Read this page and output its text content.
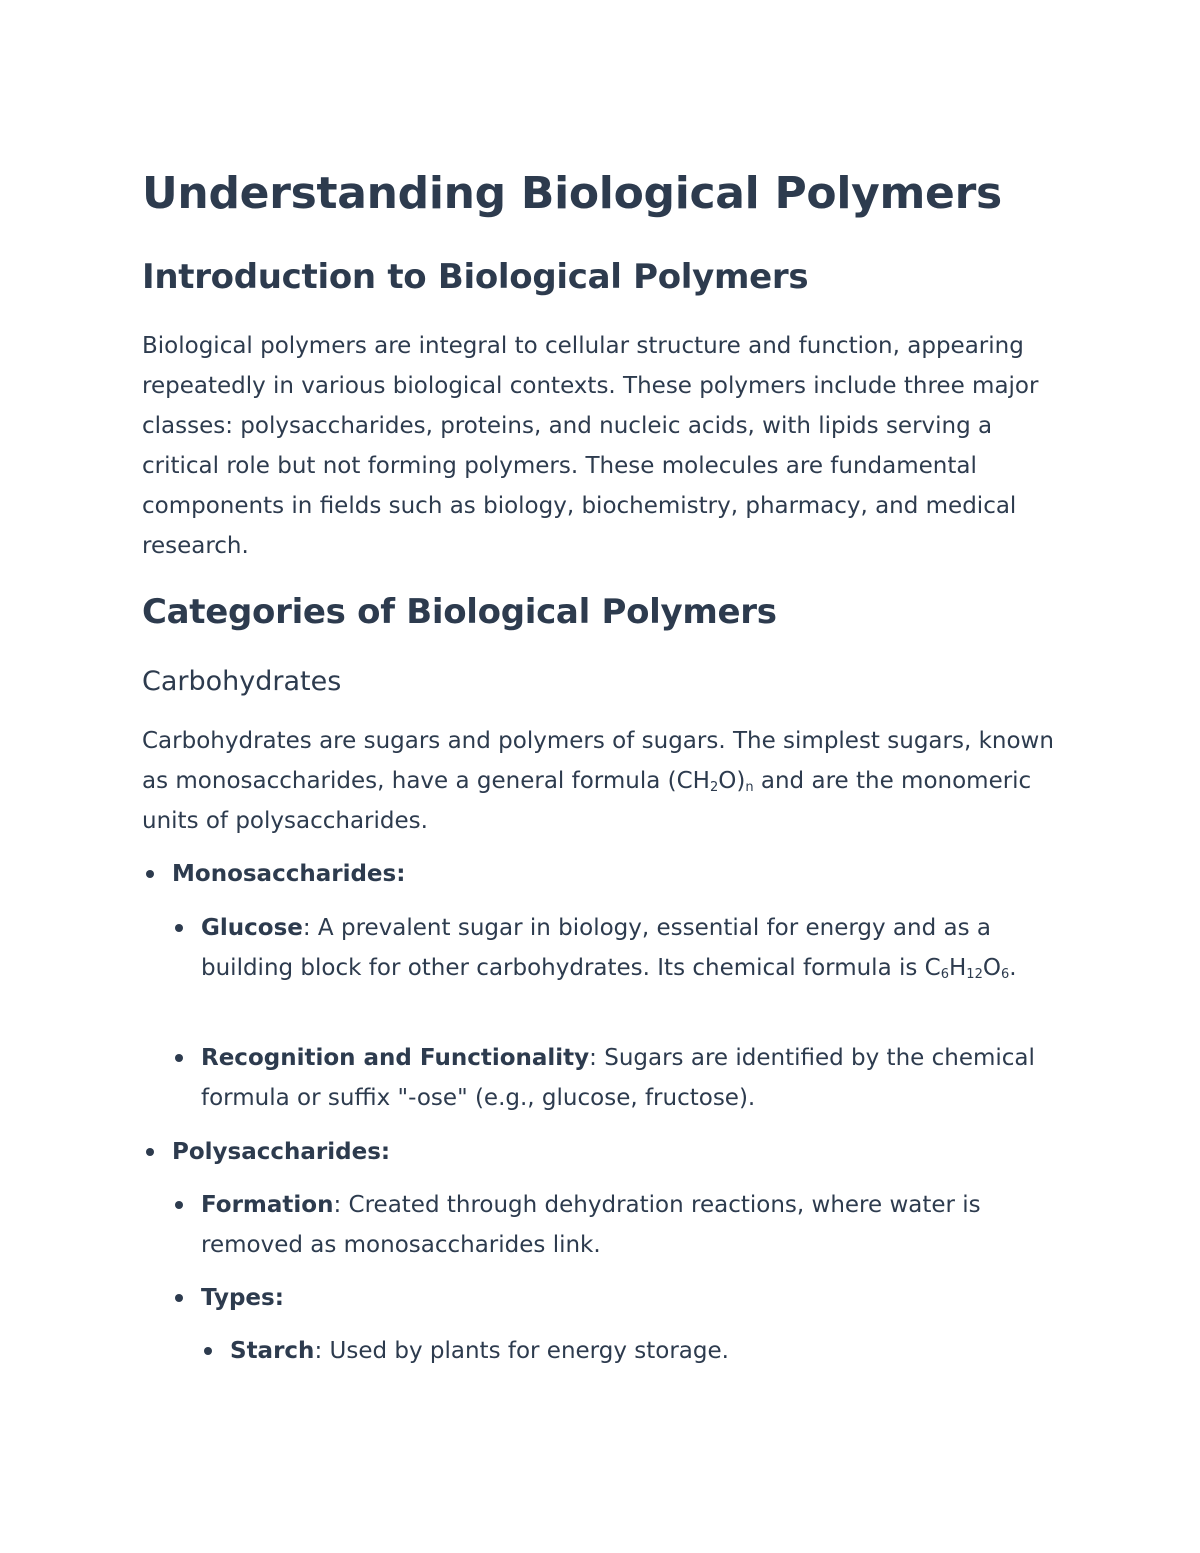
Understanding Biological Polymers
Introduction to Biological Polymers

Biological polymers are integral to cellular structure and function, appearing repeatedly in various biological contexts. These polymers include three major classes: polysaccharides, proteins, and nucleic acids, with lipids serving a critical role but not forming polymers. These molecules are fundamental components in fields such as biology, biochemistry, pharmacy, and medical research.

Categories of Biological Polymers
Carbohydrates

Carbohydrates are sugars and polymers of sugars. The simplest sugars, known as monosaccharides, have a general formula $(CH_2O)_n$ and are the monomeric units of polysaccharides.

Monosaccharides:
Glucose: A prevalent sugar in biology, essential for energy and as a building block for other carbohydrates. Its chemical formula is $C_6H_{12}O_6$.
Recognition and Functionality: Sugars are identified by the chemical formula or suffix "-ose" (e.g., glucose, fructose).
Polysaccharides:
Formation: Created through dehydration reactions, where water is removed as monosaccharides link.
Types:
Starch: Used by plants for energy storage.
